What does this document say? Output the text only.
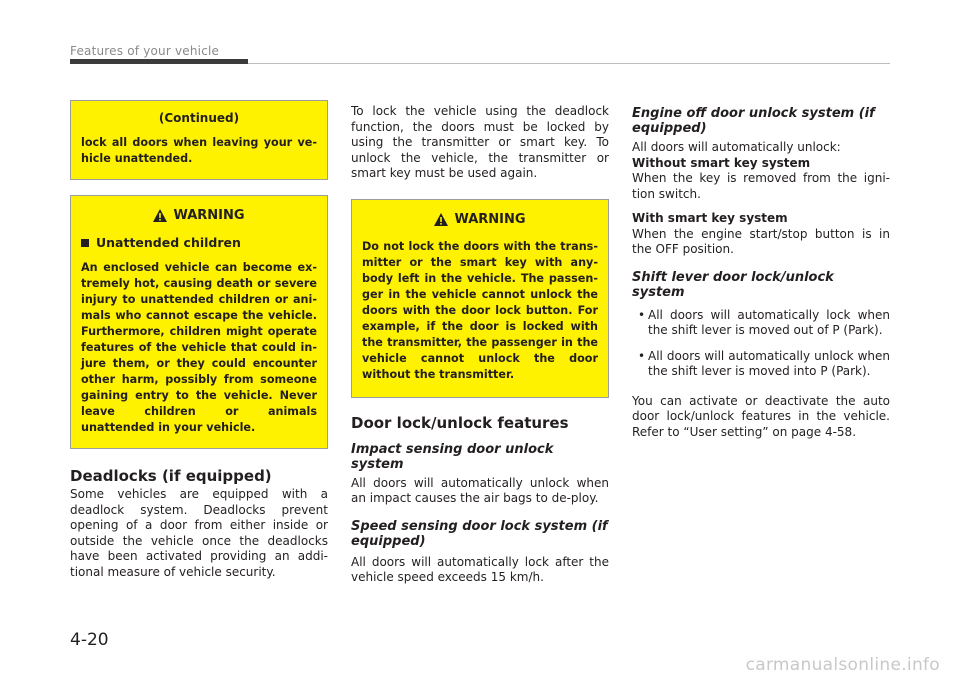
Features of your vehicle
(Continued)
lock all doors when leaving your ve-hicle unattended.
WARNING
Unattended children
An enclosed vehicle can become ex-tremely hot, causing death or severe injury to unattended children or ani-mals who cannot escape the vehicle. Furthermore, children might operate features of the vehicle that could in-jure them, or they could encounter other harm, possibly from someone gaining entry to the vehicle. Never leave children or animals unattended in your vehicle.
Deadlocks (if equipped)

Some vehicles are equipped with a deadlock system. Deadlocks prevent opening of a door from either inside or outside the vehicle once the deadlocks have been activated providing an addi-tional measure of vehicle security.

To lock the vehicle using the deadlock function, the doors must be locked by using the transmitter or smart key. To unlock the vehicle, the transmitter or smart key must be used again.

WARNING
Do not lock the doors with the trans-mitter or the smart key with any-body left in the vehicle. The passen-ger in the vehicle cannot unlock the doors with the door lock button. For example, if the door is locked with the transmitter, the passenger in the vehicle cannot unlock the door without the transmitter.
Door lock/unlock features
Impact sensing door unlock system

All doors will automatically unlock when an impact causes the air bags to de-ploy.

Speed sensing door lock system (if equipped)

All doors will automatically lock after the vehicle speed exceeds 15 km/h.

Engine off door unlock system (if equipped)

All doors will automatically unlock:

Without smart key system

When the key is removed from the igni-tion switch.

With smart key system

When the engine start/stop button is in the OFF position.

Shift lever door lock/unlock system
• All doors will automatically lock when the shift lever is moved out of P (Park).
• All doors will automatically unlock when the shift lever is moved into P (Park).

You can activate or deactivate the auto door lock/unlock features in the vehicle. Refer to “User setting” on page 4-58.

4-20
carmanualsonline.info
